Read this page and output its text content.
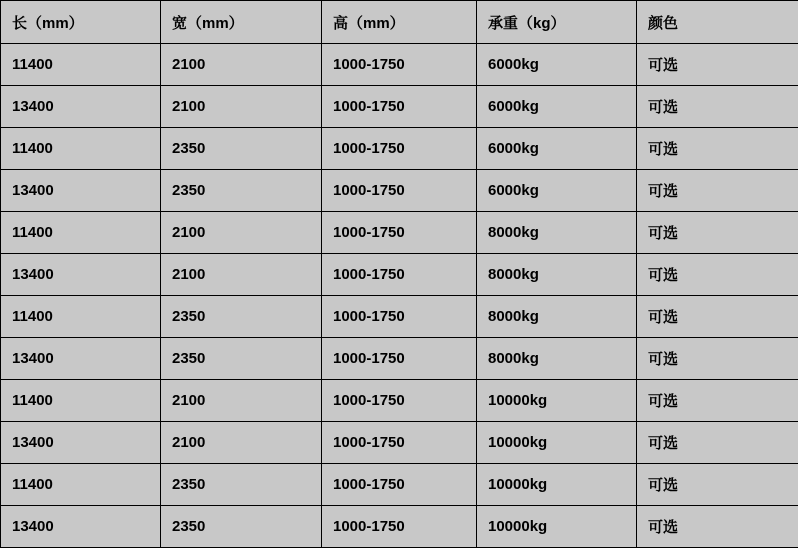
长（mm）	宽（mm）	高（mm）	承重（kg）	颜色
11400	2100	1000-1750	6000kg	可选
13400	2100	1000-1750	6000kg	可选
11400	2350	1000-1750	6000kg	可选
13400	2350	1000-1750	6000kg	可选
11400	2100	1000-1750	8000kg	可选
13400	2100	1000-1750	8000kg	可选
11400	2350	1000-1750	8000kg	可选
13400	2350	1000-1750	8000kg	可选
11400	2100	1000-1750	10000kg	可选
13400	2100	1000-1750	10000kg	可选
11400	2350	1000-1750	10000kg	可选
13400	2350	1000-1750	10000kg	可选
